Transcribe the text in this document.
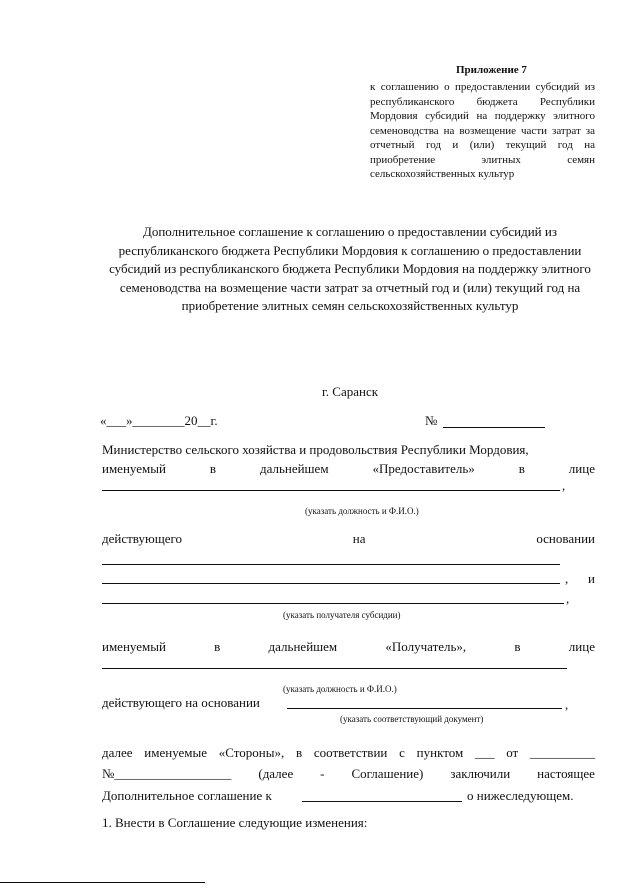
Приложение 7
к соглашению о предоставлении субсидий из республиканского бюджета Республики Мордовия субсидий на поддержку элитного семеноводства на возмещение части затрат за отчетный год и (или) текущий год на приобретение элитных семян сельскохозяйственных культур
Дополнительное соглашение к соглашению о предоставлении субсидий из республиканского бюджета Республики Мордовия к соглашению о предоставлении субсидий из республиканского бюджета Республики Мордовия на поддержку элитного семеноводства на возмещение части затрат за отчетный год и (или) текущий год на приобретение элитных семян сельскохозяйственных культур
г. Саранск
«___»________20__г.	№
Министерство сельского хозяйства и продовольствия Республики Мордовия,
именуемый	в	дальнейшем	«Предоставитель»	в	лице
,
(указать должность и Ф.И.О.)
действующего	на	основании
, и
,
(указать получателя субсидии)
именуемый	в	дальнейшем	«Получатель»,	в	лице
(указать должность и Ф.И.О.)
действующего на основании	,
(указать соответствующий документ)
далее именуемые «Стороны», в соответствии с пунктом ___ от __________
№__________________ (далее - Соглашение) заключили настоящее
Дополнительное соглашение к	о нижеследующем.
1. Внести в Соглашение следующие изменения:
